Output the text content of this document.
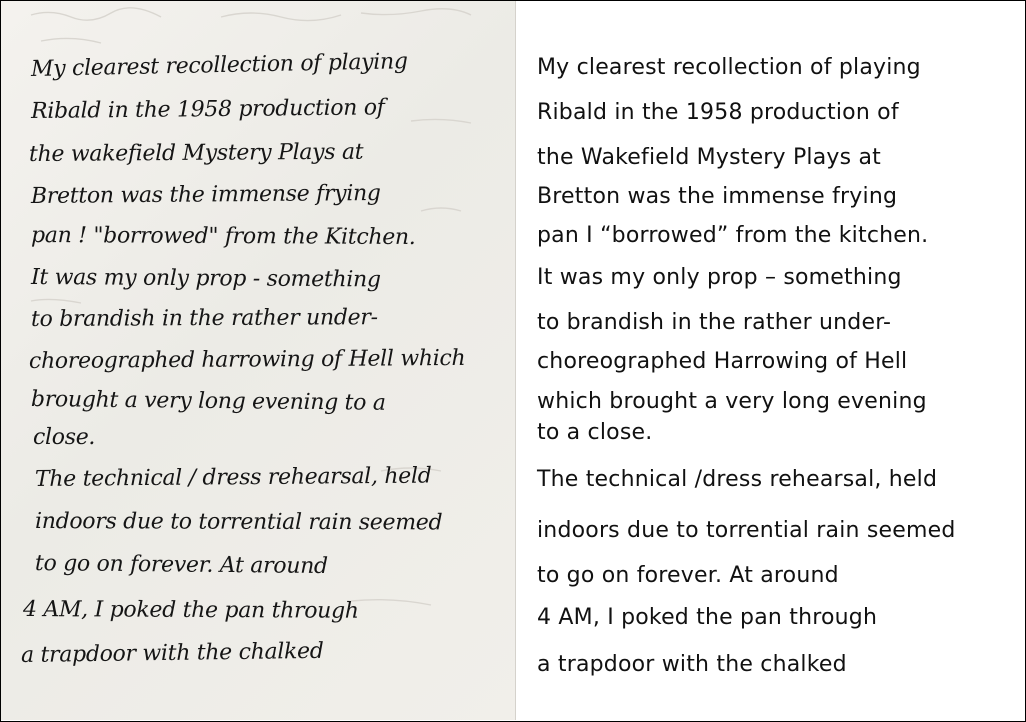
My clearest recollection of playing
Ribald in the 1958 production of
the wakefield Mystery Plays at
Bretton was the immense frying
pan ! "borrowed" from the Kitchen.
It was my only prop - something
to brandish in the rather under-
choreographed harrowing of Hell which
brought a very long evening to a
close.
The technical / dress rehearsal, held
indoors due to torrential rain seemed
to go on forever. At around
4 AM, I poked the pan through
a trapdoor with the chalked
My clearest recollection of playing
Ribald in the 1958 production of
the Wakefield Mystery Plays at
Bretton was the immense frying
pan I “borrowed” from the kitchen.
It was my only prop – something
to brandish in the rather under-
choreographed Harrowing of Hell
which brought a very long evening
to a close.
The technical /dress rehearsal, held
indoors due to torrential rain seemed
to go on forever. At around
4 AM, I poked the pan through
a trapdoor with the chalked
